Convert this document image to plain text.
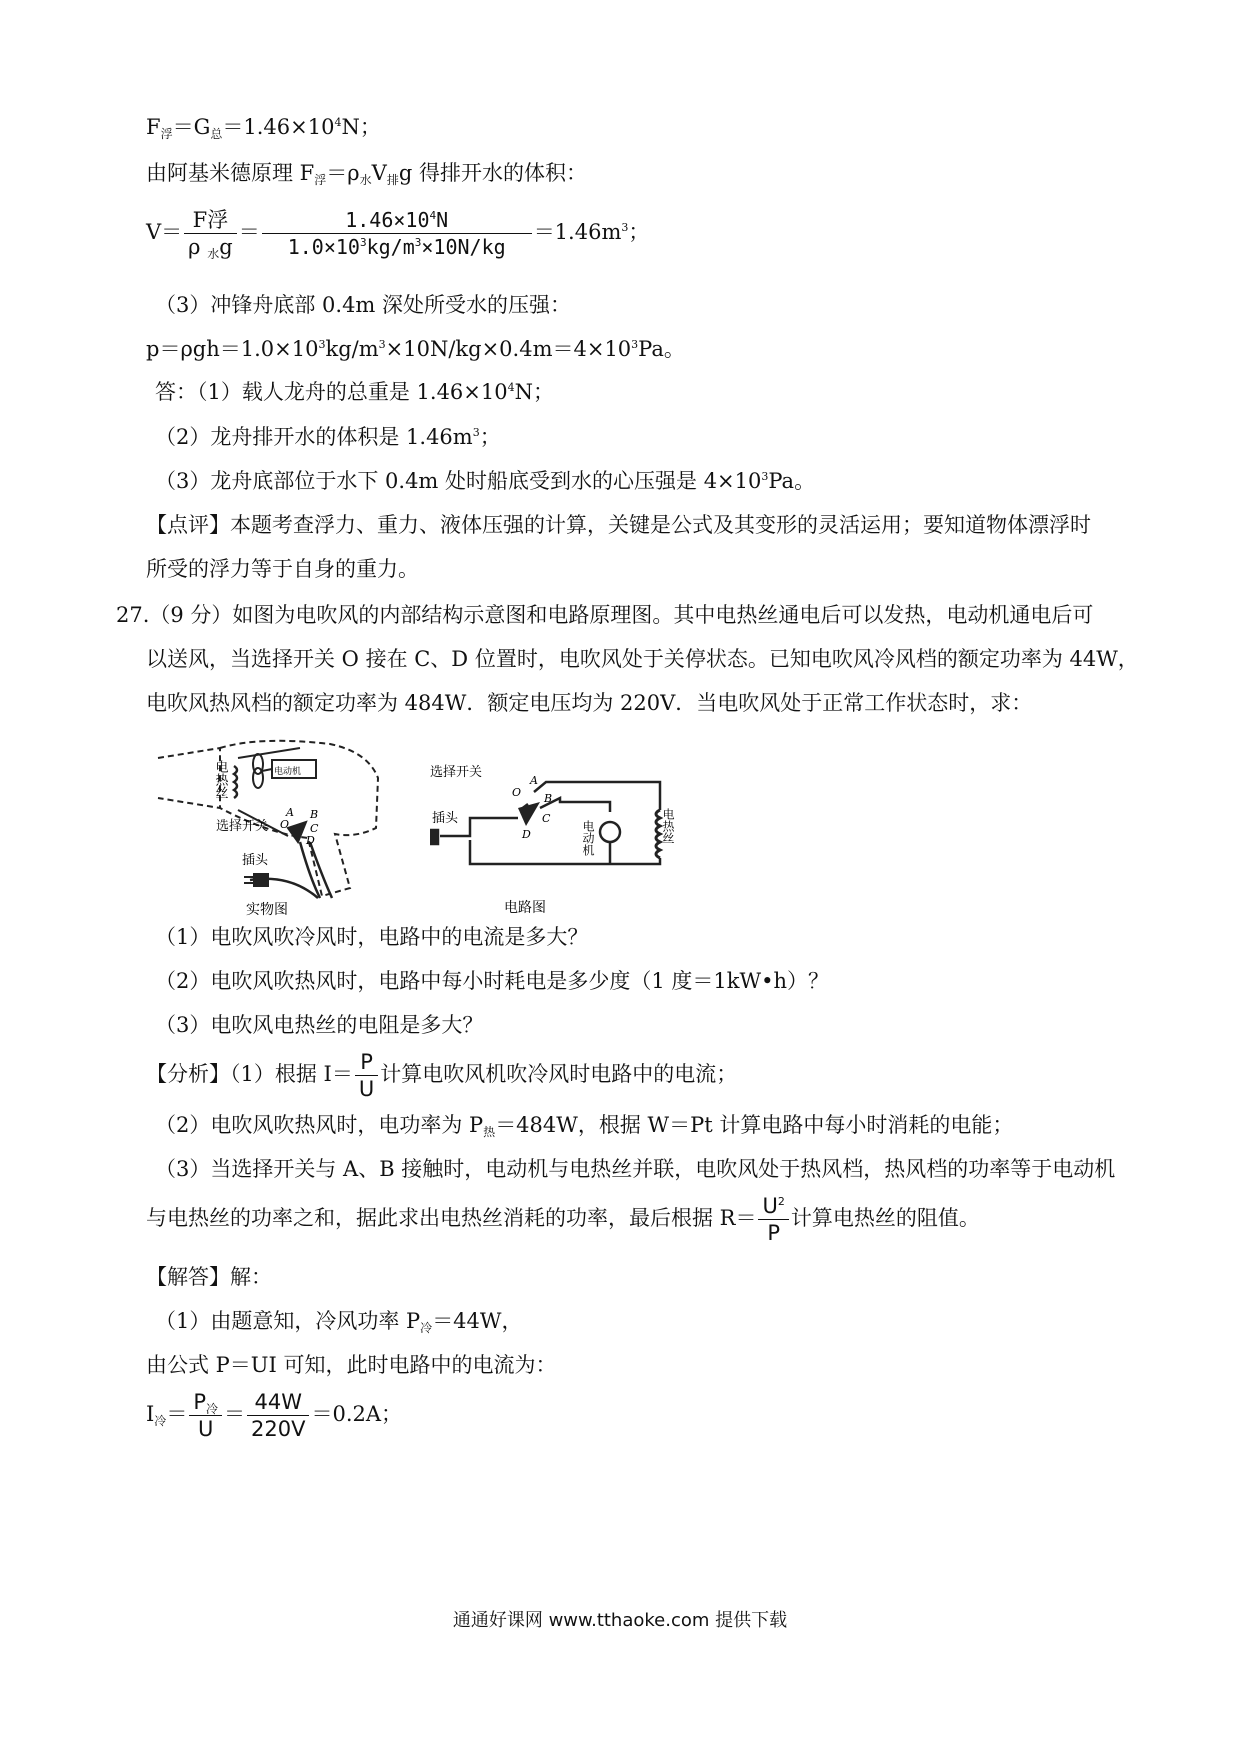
$F_浮=G_总=1.46\times 10^4N$；
由阿基米德原理 $F_浮=\rho_水V_排g$ 得排开水的体积：
$V= \frac{\text{F浮}}{\rho _水g} = \frac{1.46\times 10^4N}{1.0\times 10^3kg/m^3\times 10N/kg} =1.46m^3$；
（3）冲锋舟底部 0.4m 深处所受水的压强：
$p=\rho gh=1.0\times 10^3kg/m^3\times 10N/kg\times 0.4m=4\times 10^3Pa$。
答：（1）载人龙舟的总重是 $1.46\times 10^4N$；
（2）龙舟排开水的体积是 $1.46m^3$；
（3）龙舟底部位于水下 0.4m 处时船底受到水的心压强是 $4\times 10^3Pa$。
【点评】本题考查浮力、重力、液体压强的计算，关键是公式及其变形的灵活运用；要知道物体漂浮时
所受的浮力等于自身的重力。
27.（9 分）如图为电吹风的内部结构示意图和电路原理图。其中电热丝通电后可以发热，电动机通电后可
以送风，当选择开关 O 接在 C、D 位置时，电吹风处于关停状态。已知电吹风冷风档的额定功率为 44W，
电吹风热风档的额定功率为 484W．额定电压均为 220V．当电吹风处于正常工作状态时，求：
电热丝	电动机
A B
C
D
O
选择开关
插头
实物图
选择开关
插头
O
A
B
C
D	电动机	电热丝
电路图
（1）电吹风吹冷风时，电路中的电流是多大？
（2）电吹风吹热风时，电路中每小时耗电是多少度（1 度＝1kW•h）？
（3）电吹风电热丝的电阻是多大？
【分析】（1）根据 $I= \frac{P}{U}$ 计算电吹风机吹冷风时电路中的电流；
（2）电吹风吹热风时，电功率为 $P_热=484W$，根据 W＝Pt 计算电路中每小时消耗的电能；
（3）当选择开关与 A、B 接触时，电动机与电热丝并联，电吹风处于热风档，热风档的功率等于电动机
与电热丝的功率之和，据此求出电热丝消耗的功率，最后根据 $R= \frac{U^2}{P}$ 计算电热丝的阻值。
【解答】解：
（1）由题意知，冷风功率 $P_冷=44W$，
由公式 P＝UI 可知，此时电路中的电流为：
$I_冷= \frac{P_冷}{U} = \frac{44W}{220V} =0.2A$；
通通好课网 www.tthaoke.com 提供下载
